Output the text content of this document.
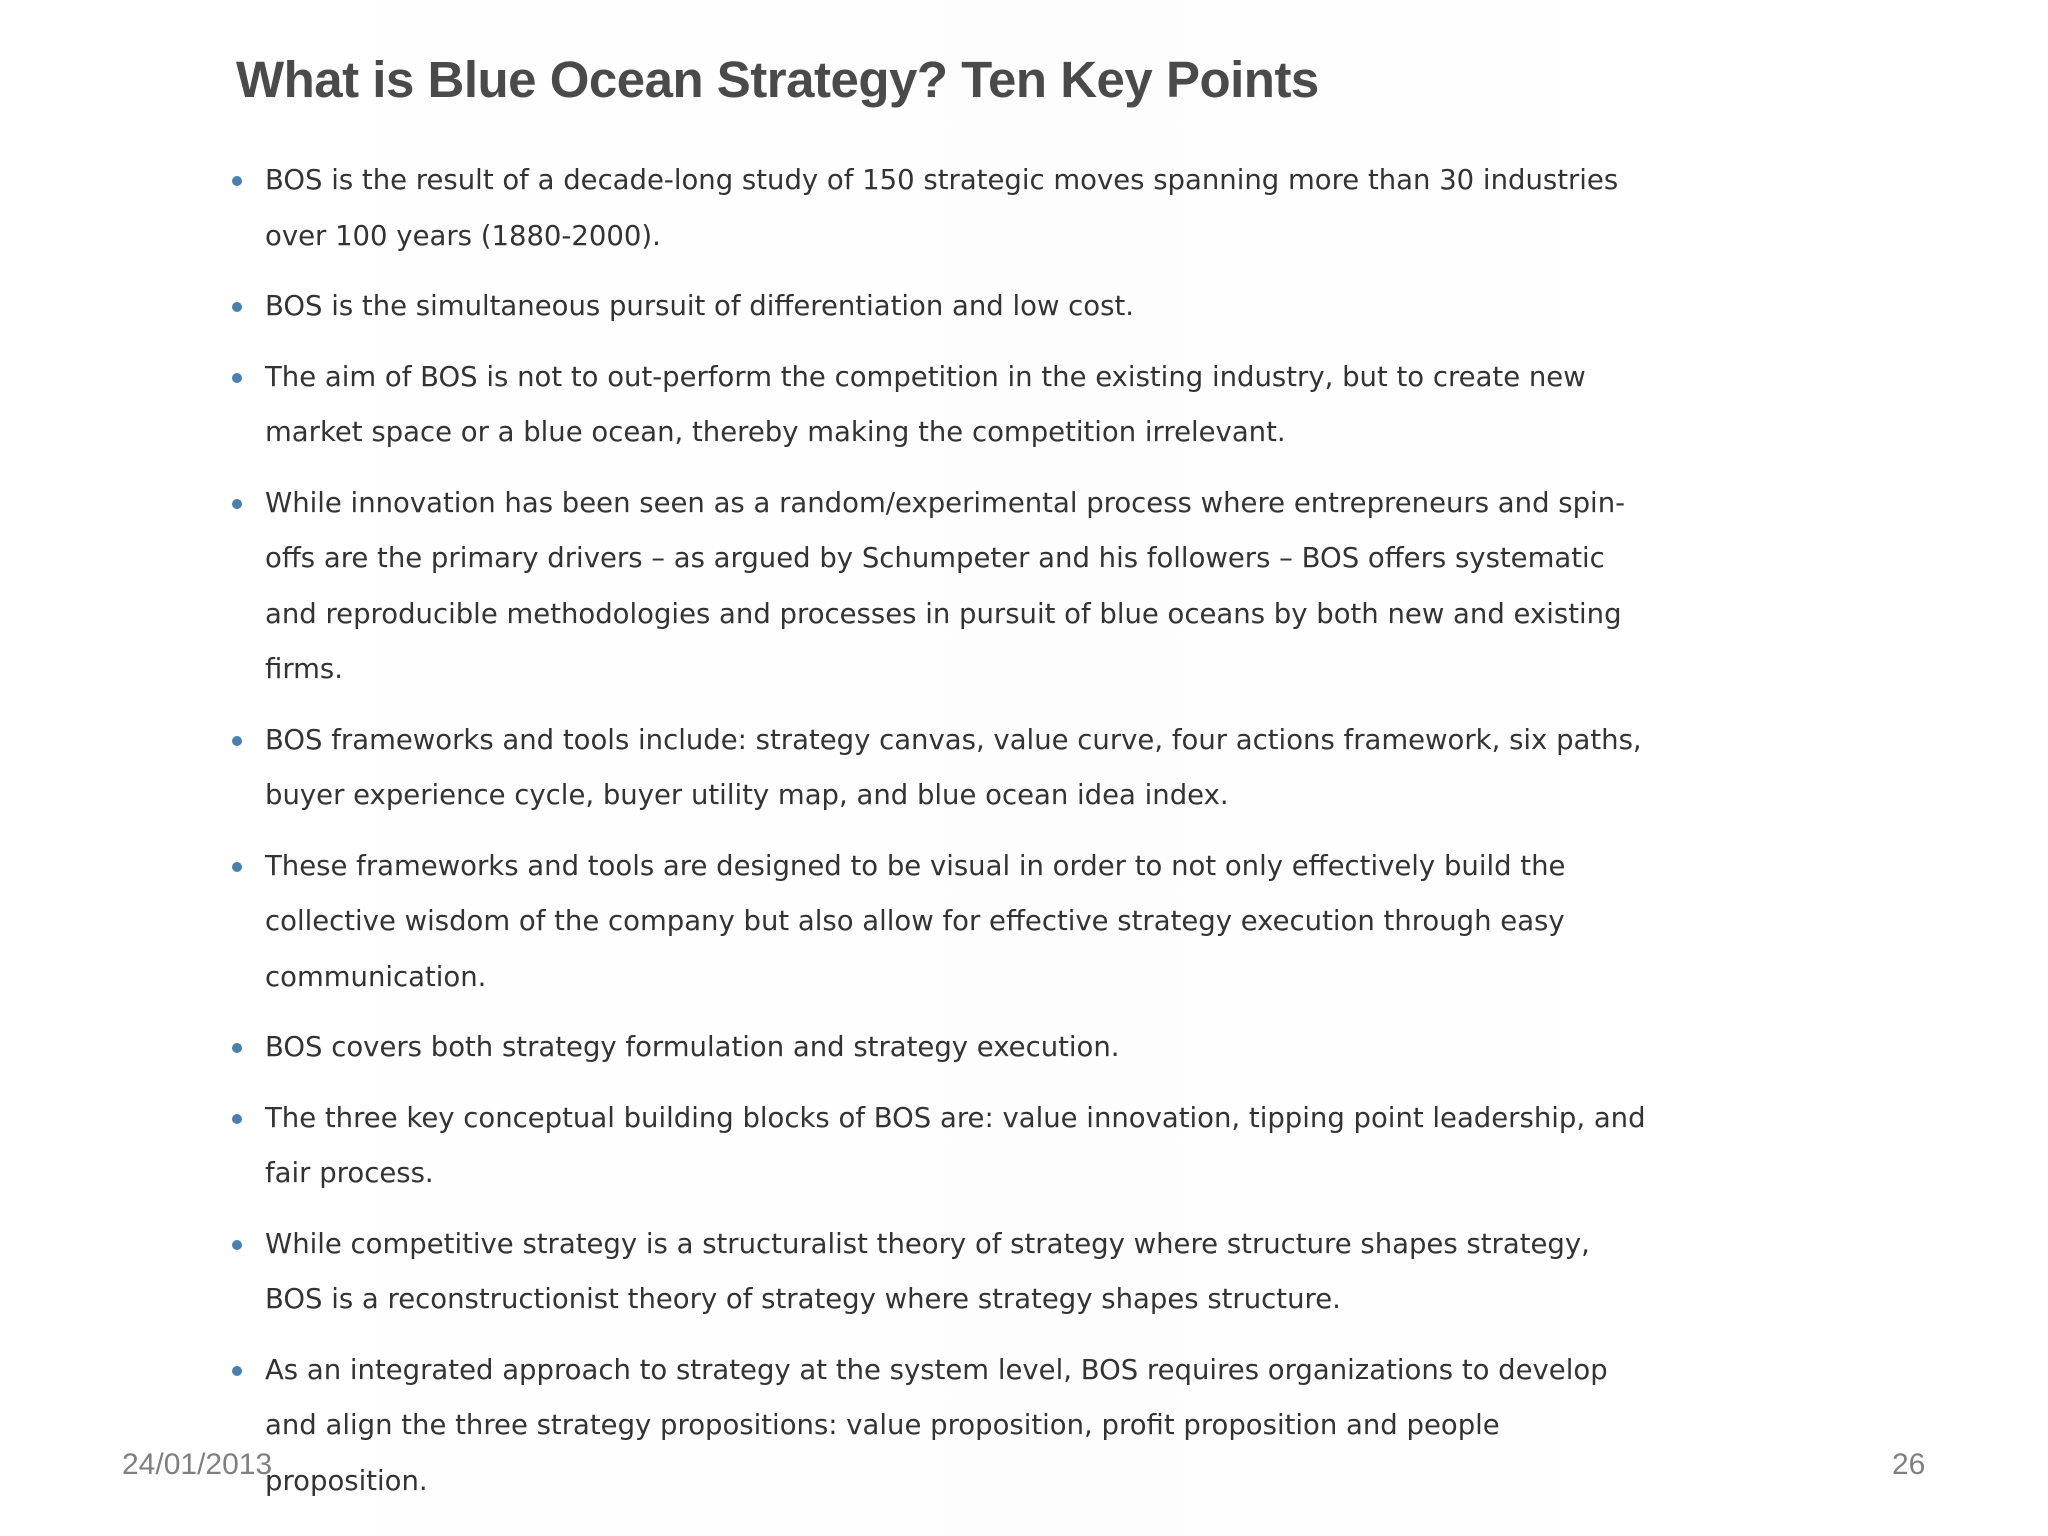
What is Blue Ocean Strategy? Ten Key Points
BOS is the result of a decade-long study of 150 strategic moves spanning more than 30 industries over 100 years (1880-2000).
BOS is the simultaneous pursuit of differentiation and low cost.
The aim of BOS is not to out-perform the competition in the existing industry, but to create new market space or a blue ocean, thereby making the competition irrelevant.
While innovation has been seen as a random/experimental process where entrepreneurs and spin-offs are the primary drivers – as argued by Schumpeter and his followers – BOS offers systematic and reproducible methodologies and processes in pursuit of blue oceans by both new and existing firms.
BOS frameworks and tools include: strategy canvas, value curve, four actions framework, six paths, buyer experience cycle, buyer utility map, and blue ocean idea index.
These frameworks and tools are designed to be visual in order to not only effectively build the collective wisdom of the company but also allow for effective strategy execution through easy communication.
BOS covers both strategy formulation and strategy execution.
The three key conceptual building blocks of BOS are: value innovation, tipping point leadership, and fair process.
While competitive strategy is a structuralist theory of strategy where structure shapes strategy, BOS is a reconstructionist theory of strategy where strategy shapes structure.
As an integrated approach to strategy at the system level, BOS requires organizations to develop and align the three strategy propositions: value proposition, profit proposition and people proposition.
24/01/2013	26
